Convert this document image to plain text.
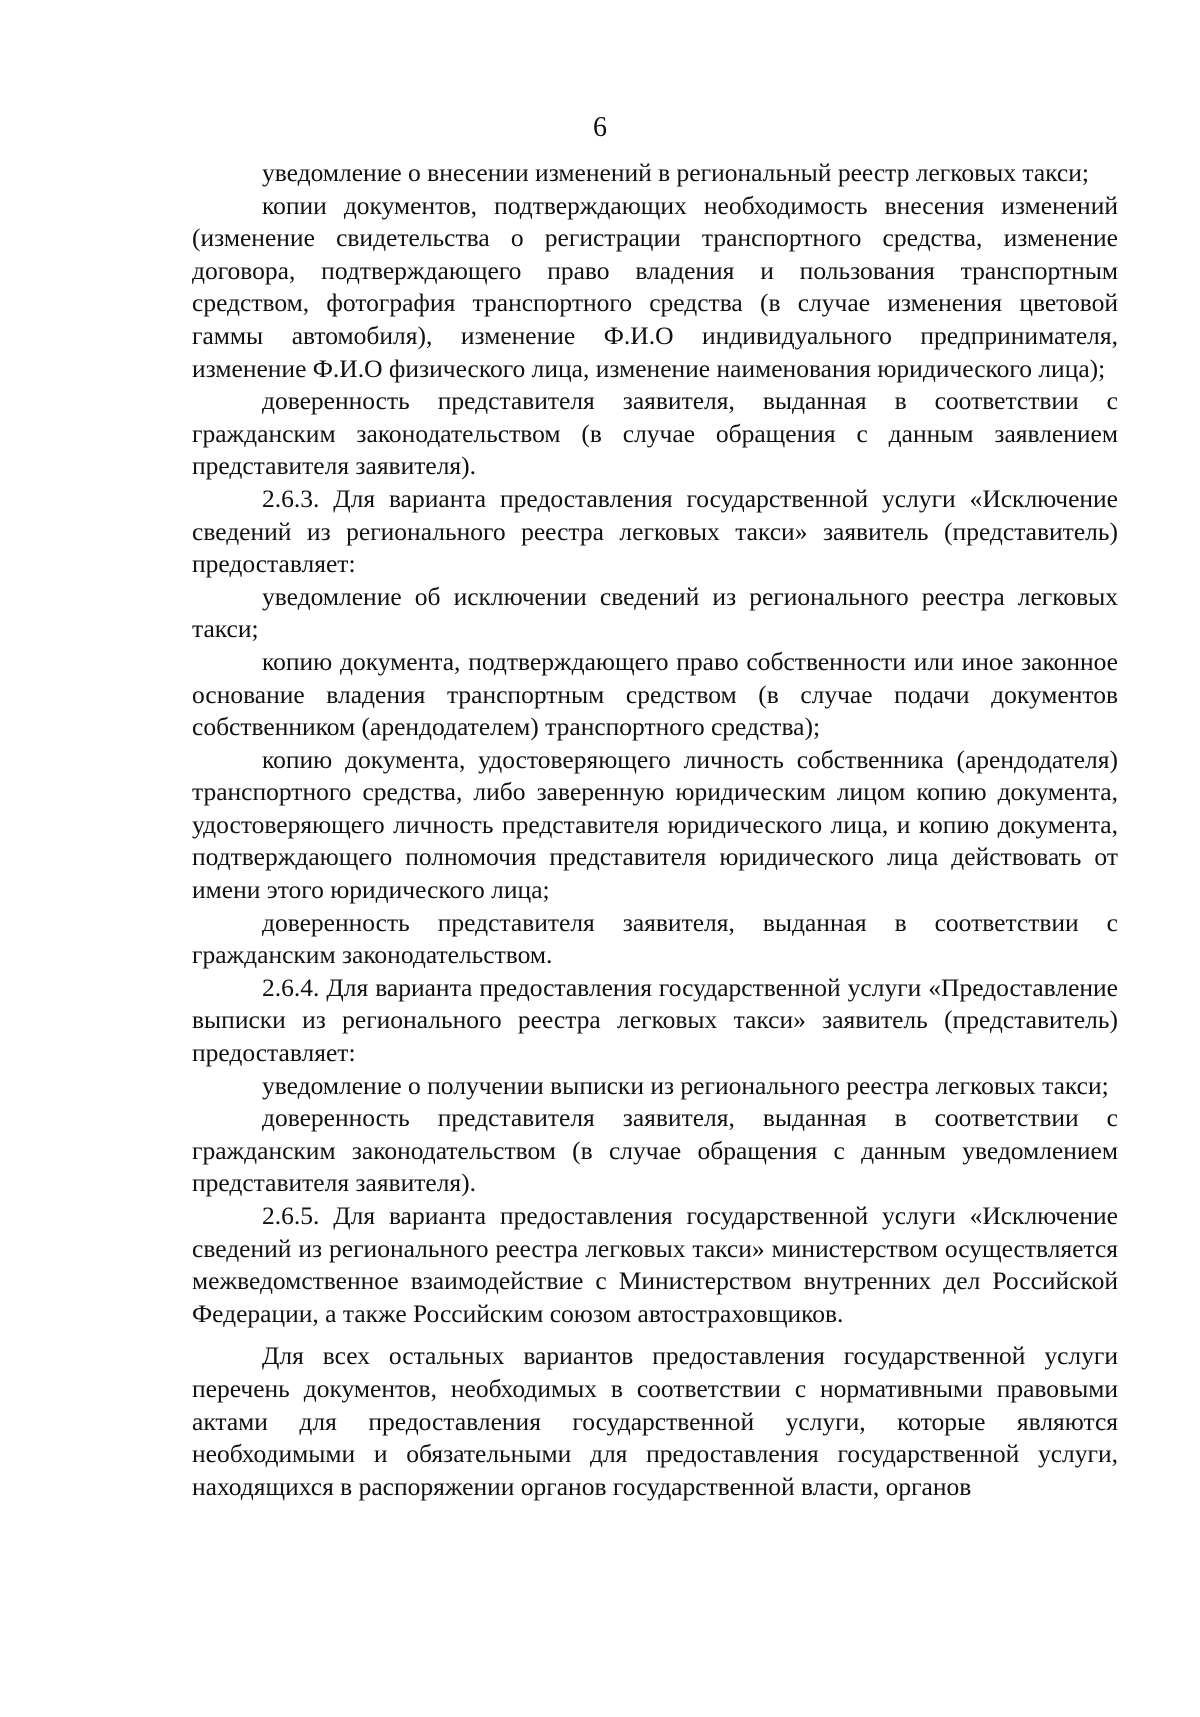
6

уведомление о внесении изменений в региональный реестр легковых такси;

копии документов, подтверждающих необходимость внесения изменений (изменение свидетельства о регистрации транспортного средства, изменение договора, подтверждающего право владения и пользования транспортным средством, фотография транспортного средства (в случае изменения цветовой гаммы автомобиля), изменение Ф.И.О индивидуального предпринимателя, изменение Ф.И.О физического лица, изменение наименования юридического лица);

доверенность представителя заявителя, выданная в соответствии с гражданским законодательством (в случае обращения с данным заявлением представителя заявителя).

2.6.3. Для варианта предоставления государственной услуги «Исключение сведений из регионального реестра легковых такси» заявитель (представитель) предоставляет:

уведомление об исключении сведений из регионального реестра легковых такси;

копию документа, подтверждающего право собственности или иное законное основание владения транспортным средством (в случае подачи документов собственником (арендодателем) транспортного средства);

копию документа, удостоверяющего личность собственника (арендодателя) транспортного средства, либо заверенную юридическим лицом копию документа, удостоверяющего личность представителя юридического лица, и копию документа, подтверждающего полномочия представителя юридического лица действовать от имени этого юридического лица;

доверенность представителя заявителя, выданная в соответствии с гражданским законодательством.

2.6.4. Для варианта предоставления государственной услуги «Предоставление выписки из регионального реестра легковых такси» заявитель (представитель) предоставляет:

уведомление о получении выписки из регионального реестра легковых такси;

доверенность представителя заявителя, выданная в соответствии с гражданским законодательством (в случае обращения с данным уведомлением представителя заявителя).

2.6.5. Для варианта предоставления государственной услуги «Исключение сведений из регионального реестра легковых такси» министерством осуществляется межведомственное взаимодействие с Министерством внутренних дел Российской Федерации, а также Российским союзом автостраховщиков.

Для всех остальных вариантов предоставления государственной услуги перечень документов, необходимых в соответствии с нормативными правовыми актами для предоставления государственной услуги, которые являются необходимыми и обязательными для предоставления государственной услуги, находящихся в распоряжении органов государственной власти, органов
